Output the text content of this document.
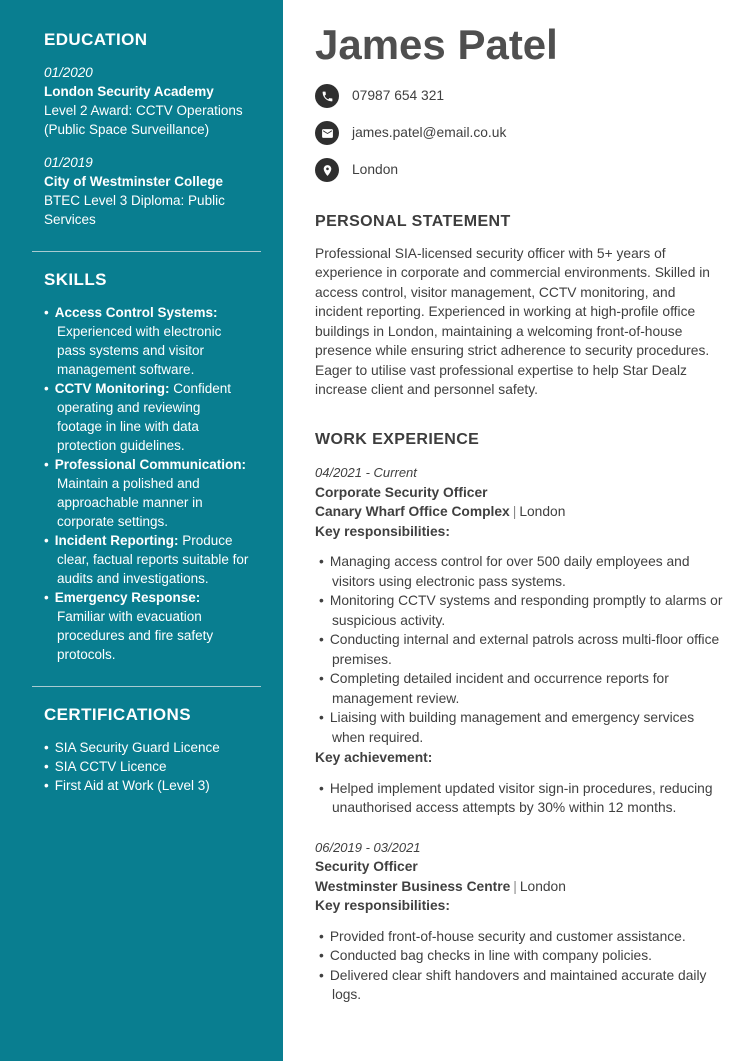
EDUCATION
01/2020
London Security Academy
Level 2 Award: CCTV Operations (Public Space Surveillance)
01/2019
City of Westminster College
BTEC Level 3 Diploma: Public Services
SKILLS
• Access Control Systems: Experienced with electronic pass systems and visitor management software.
• CCTV Monitoring: Confident operating and reviewing footage in line with data protection guidelines.
• Professional Communication: Maintain a polished and approachable manner in corporate settings.
• Incident Reporting: Produce clear, factual reports suitable for audits and investigations.
• Emergency Response: Familiar with evacuation procedures and fire safety protocols.
CERTIFICATIONS
• SIA Security Guard Licence
• SIA CCTV Licence
• First Aid at Work (Level 3)
James Patel
07987 654 321
james.patel@email.co.uk
London
PERSONAL STATEMENT

Professional SIA-licensed security officer with 5+ years of experience in corporate and commercial environments. Skilled in access control, visitor management, CCTV monitoring, and incident reporting. Experienced in working at high-profile office buildings in London, maintaining a welcoming front-of-house presence while ensuring strict adherence to security procedures. Eager to utilise vast professional expertise to help Star Dealz increase client and personnel safety.

WORK EXPERIENCE
04/2021 - Current
Corporate Security Officer
Canary Wharf Office Complex | London
Key responsibilities:
• Managing access control for over 500 daily employees and visitors using electronic pass systems.
• Monitoring CCTV systems and responding promptly to alarms or suspicious activity.
• Conducting internal and external patrols across multi-floor office premises.
• Completing detailed incident and occurrence reports for management review.
• Liaising with building management and emergency services when required.
Key achievement:
• Helped implement updated visitor sign-in procedures, reducing unauthorised access attempts by 30% within 12 months.
06/2019 - 03/2021
Security Officer
Westminster Business Centre | London
Key responsibilities:
• Provided front-of-house security and customer assistance.
• Conducted bag checks in line with company policies.
• Delivered clear shift handovers and maintained accurate daily logs.
